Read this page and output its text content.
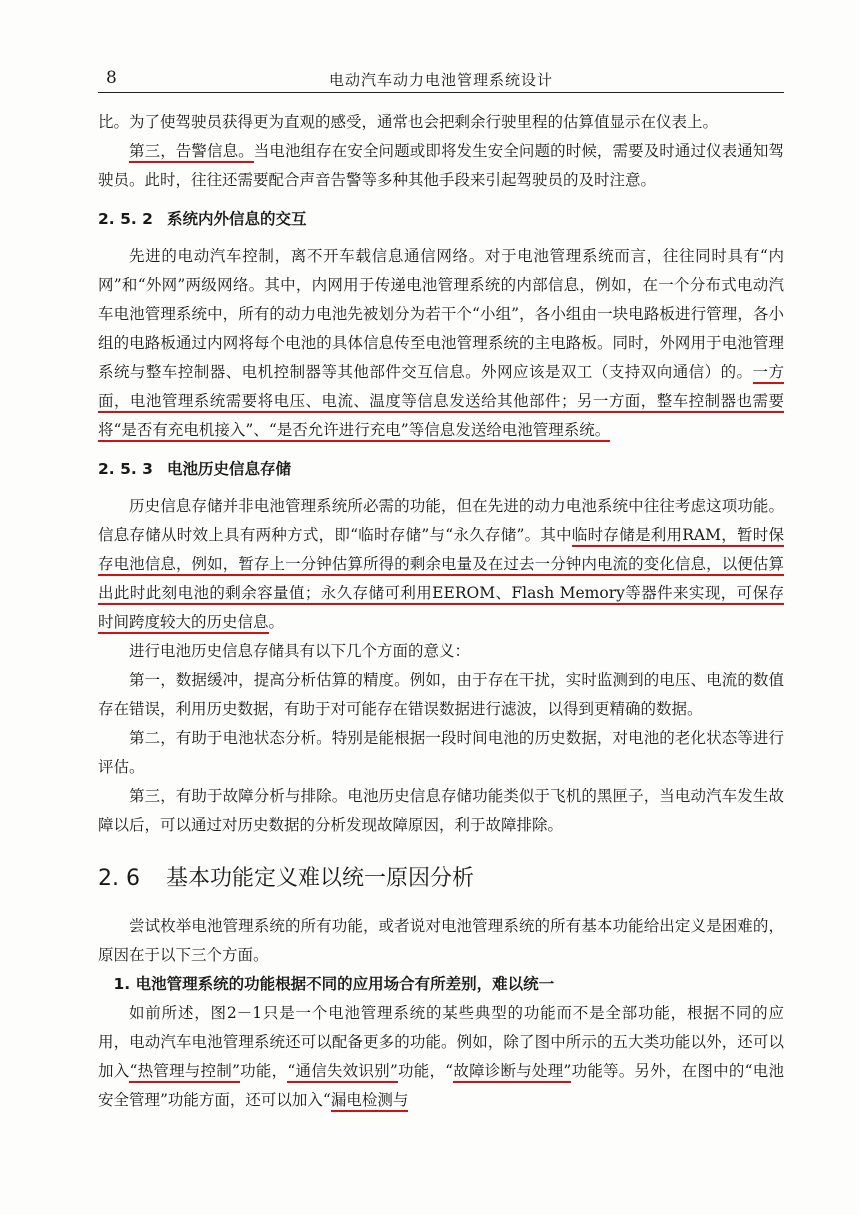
8	电动汽车动力电池管理系统设计

比。为了使驾驶员获得更为直观的感受，通常也会把剩余行驶里程的估算值显示在仪表上。

第三，告警信息。当电池组存在安全问题或即将发生安全问题的时候，需要及时通过仪表通知驾驶员。此时，往往还需要配合声音告警等多种其他手段来引起驾驶员的及时注意。

2. 5. 2 系统内外信息的交互

先进的电动汽车控制，离不开车载信息通信网络。对于电池管理系统而言，往往同时具有“内网”和“外网”两级网络。其中，内网用于传递电池管理系统的内部信息，例如，在一个分布式电动汽车电池管理系统中，所有的动力电池先被划分为若干个“小组”，各小组由一块电路板进行管理，各小组的电路板通过内网将每个电池的具体信息传至电池管理系统的主电路板。同时，外网用于电池管理系统与整车控制器、电机控制器等其他部件交互信息。外网应该是双工（支持双向通信）的。一方面，电池管理系统需要将电压、电流、温度等信息发送给其他部件；另一方面，整车控制器也需要将“是否有充电机接入”、“是否允许进行充电”等信息发送给电池管理系统。

2. 5. 3 电池历史信息存储

历史信息存储并非电池管理系统所必需的功能，但在先进的动力电池系统中往往考虑这项功能。信息存储从时效上具有两种方式，即“临时存储”与“永久存储”。其中临时存储是利用RAM，暂时保存电池信息，例如，暂存上一分钟估算所得的剩余电量及在过去一分钟内电流的变化信息，以便估算出此时此刻电池的剩余容量值；永久存储可利用EEROM、Flash Memory等器件来实现，可保存时间跨度较大的历史信息。

进行电池历史信息存储具有以下几个方面的意义：

第一，数据缓冲，提高分析估算的精度。例如，由于存在干扰，实时监测到的电压、电流的数值存在错误，利用历史数据，有助于对可能存在错误数据进行滤波，以得到更精确的数据。

第二，有助于电池状态分析。特别是能根据一段时间电池的历史数据，对电池的老化状态等进行评估。

第三，有助于故障分析与排除。电池历史信息存储功能类似于飞机的黑匣子，当电动汽车发生故障以后，可以通过对历史数据的分析发现故障原因，利于故障排除。

2. 6 基本功能定义难以统一原因分析

尝试枚举电池管理系统的所有功能，或者说对电池管理系统的所有基本功能给出定义是困难的，原因在于以下三个方面。

1. 电池管理系统的功能根据不同的应用场合有所差别，难以统一

如前所述，图2－1只是一个电池管理系统的某些典型的功能而不是全部功能，根据不同的应用，电动汽车电池管理系统还可以配备更多的功能。例如，除了图中所示的五大类功能以外，还可以加入“热管理与控制”功能，“通信失效识别”功能，“故障诊断与处理”功能等。另外，在图中的“电池安全管理”功能方面，还可以加入“漏电检测与
